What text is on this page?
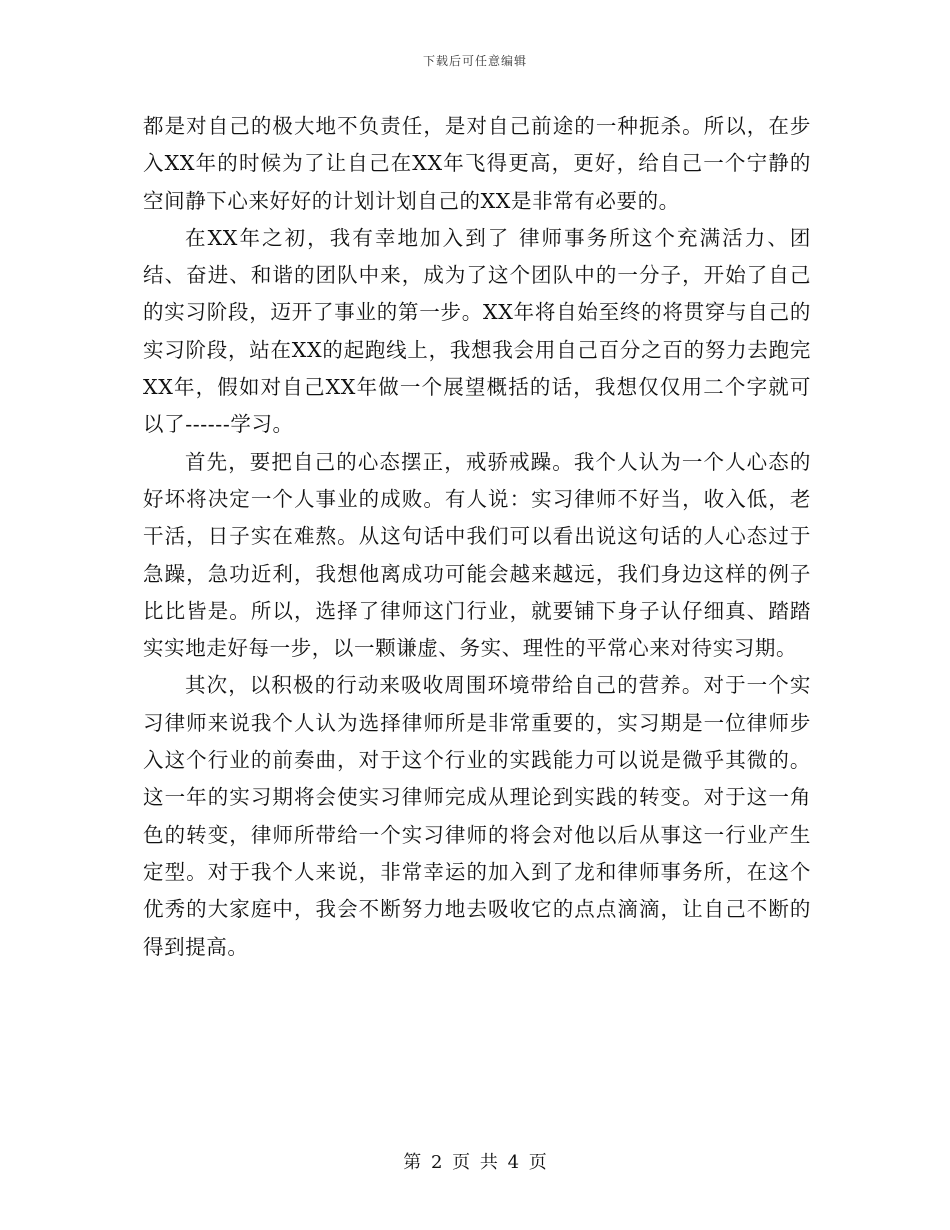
下载后可任意编辑

都是对自己的极大地不负责任，是对自己前途的一种扼杀。所以，在步入XX年的时候为了让自己在XX年飞得更高，更好，给自己一个宁静的空间静下心来好好的计划计划自己的XX是非常有必要的。

在XX年之初，我有幸地加入到了 律师事务所这个充满活力、团结、奋进、和谐的团队中来，成为了这个团队中的一分子，开始了自己的实习阶段，迈开了事业的第一步。XX年将自始至终的将贯穿与自己的实习阶段，站在XX的起跑线上，我想我会用自己百分之百的努力去跑完XX年，假如对自己XX年做一个展望概括的话，我想仅仅用二个字就可以了------学习。

首先，要把自己的心态摆正，戒骄戒躁。我个人认为一个人心态的好坏将决定一个人事业的成败。有人说：实习律师不好当，收入低，老干活，日子实在难熬。从这句话中我们可以看出说这句话的人心态过于急躁，急功近利，我想他离成功可能会越来越远，我们身边这样的例子比比皆是。所以，选择了律师这门行业，就要铺下身子认仔细真、踏踏实实地走好每一步，以一颗谦虚、务实、理性的平常心来对待实习期。

其次，以积极的行动来吸收周围环境带给自己的营养。对于一个实习律师来说我个人认为选择律师所是非常重要的，实习期是一位律师步入这个行业的前奏曲，对于这个行业的实践能力可以说是微乎其微的。这一年的实习期将会使实习律师完成从理论到实践的转变。对于这一角色的转变，律师所带给一个实习律师的将会对他以后从事这一行业产生定型。对于我个人来说，非常幸运的加入到了龙和律师事务所，在这个优秀的大家庭中，我会不断努力地去吸收它的点点滴滴，让自己不断的得到提高。

第 2 页 共 4 页
